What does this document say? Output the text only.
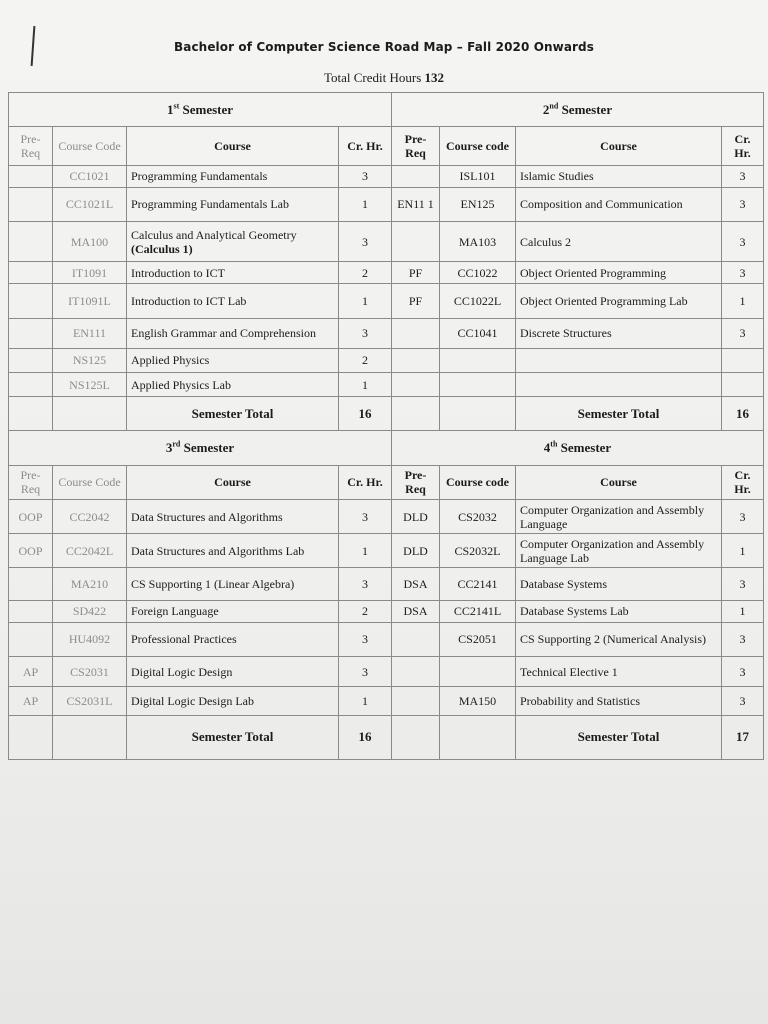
Bachelor of Computer Science Road Map – Fall 2020 Onwards
Total Credit Hours 132
1st Semester				2nd Semester			
Pre-Req	Course Code	Course	Cr. Hr.	Pre-Req	Course code	Course	Cr. Hr.
	CC1021	Programming Fundamentals	3		ISL101	Islamic Studies	3
	CC1021L	Programming Fundamentals Lab	1	EN11 1	EN125	Composition and Communication	3
	MA100	Calculus and Analytical Geometry (Calculus 1)	3		MA103	Calculus 2	3
	IT1091	Introduction to ICT	2	PF	CC1022	Object Oriented Programming	3
	IT1091L	Introduction to ICT Lab	1	PF	CC1022L	Object Oriented Programming Lab	1
	EN111	English Grammar and Comprehension	3		CC1041	Discrete Structures	3
	NS125	Applied Physics	2				
	NS125L	Applied Physics Lab	1				
		Semester Total	16			Semester Total	16
3rd Semester				4th Semester			
Pre-Req	Course Code	Course	Cr. Hr.	Pre-Req	Course code	Course	Cr. Hr.
OOP	CC2042	Data Structures and Algorithms	3	DLD	CS2032	Computer Organization and Assembly Language	3
OOP	CC2042L	Data Structures and Algorithms Lab	1	DLD	CS2032L	Computer Organization and Assembly Language Lab	1
	MA210	CS Supporting 1 (Linear Algebra)	3	DSA	CC2141	Database Systems	3
	SD422	Foreign Language	2	DSA	CC2141L	Database Systems Lab	1
	HU4092	Professional Practices	3		CS2051	CS Supporting 2 (Numerical Analysis)	3
AP	CS2031	Digital Logic Design	3			Technical Elective 1	3
AP	CS2031L	Digital Logic Design Lab	1		MA150	Probability and Statistics	3
		Semester Total	16			Semester Total	17
